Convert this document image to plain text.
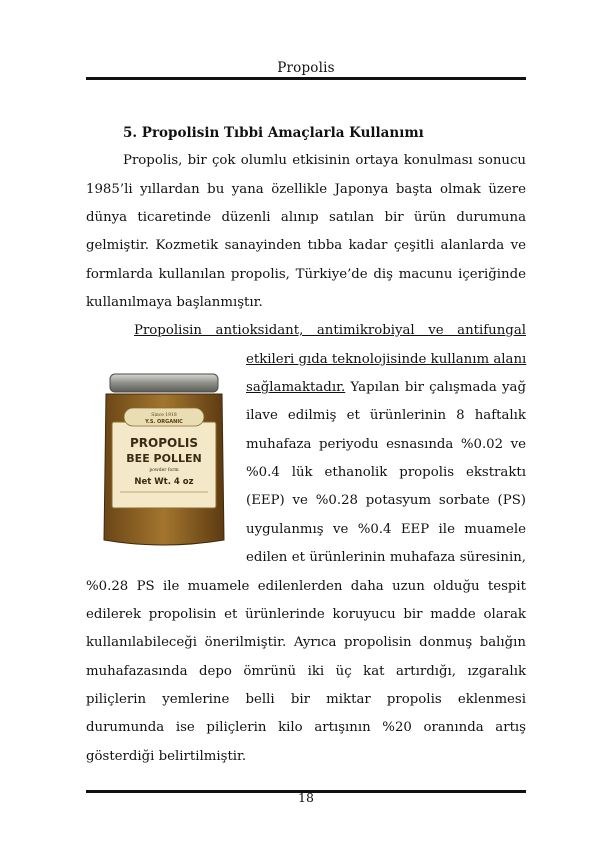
Propolis
5. Propolisin Tıbbi Amaçlarla Kullanımı
Propolis, bir çok olumlu etkisinin ortaya konulması sonucu
1985’li yıllardan bu yana özellikle Japonya başta olmak üzere
dünya ticaretinde düzenli alınıp satılan bir ürün durumuna
gelmiştir. Kozmetik sanayinden tıbba kadar çeşitli alanlarda ve
formlarda kullanılan propolis, Türkiye’de diş macunu içeriğinde
kullanılmaya başlanmıştır.
Propolisin antioksidant, antimikrobiyal ve antifungal
etkileri gıda teknolojisinde kullanım alanı
sağlamaktadır. Yapılan bir çalışmada yağ
ilave edilmiş et ürünlerinin 8 haftalık
muhafaza periyodu esnasında %0.02 ve
%0.4 lük ethanolik propolis ekstraktı
(EEP) ve %0.28 potasyum sorbate (PS)
uygulanmış ve %0.4 EEP ile muamele
edilen et ürünlerinin muhafaza süresinin,
%0.28 PS ile muamele edilenlerden daha uzun olduğu tespit
edilerek propolisin et ürünlerinde koruyucu bir madde olarak
kullanılabileceği önerilmiştir. Ayrıca propolisin donmuş balığın
muhafazasında depo ömrünü iki üç kat artırdığı, ızgaralık
piliçlerin yemlerine belli bir miktar propolis eklenmesi
durumunda ise piliçlerin kilo artışının %20 oranında artış
gösterdiği belirtilmiştir.
Since 1918
Y.S. ORGANIC
PROPOLIS
BEE POLLEN
powder form
Net Wt. 4 oz
18
